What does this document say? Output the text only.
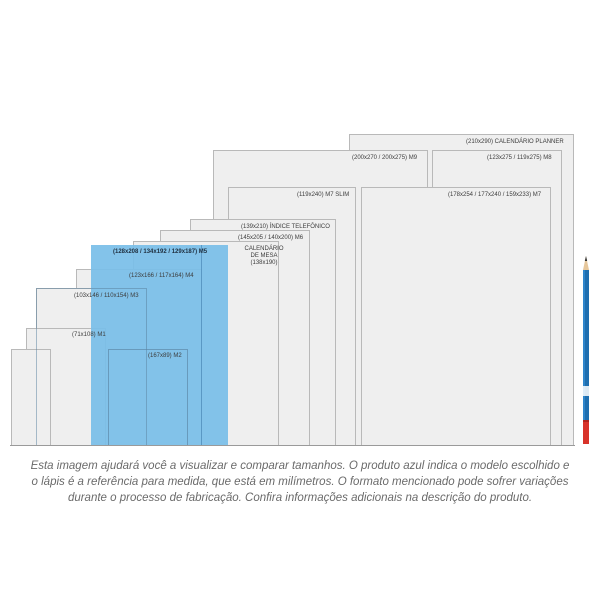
(210x290) CALENDÁRIO PLANNER
(200x270 / 200x275) M9	(123x275 / 119x275) M8
(119x240) M7 SLIM	(178x254 / 177x240 / 159x233) M7
(139x210) ÍNDICE TELEFÔNICO
(145x205 / 140x200) M6
CALENDÁRIO
DE MESA
(138x190)
(128x208 / 134x192 / 129x187) M5
(123x166 / 117x164) M4
(103x146 / 110x154) M3
(71x108) M1
(167x89) M2

Esta imagem ajudará você a visualizar e comparar tamanhos. O produto azul indica o modelo escolhido e
o lápis é a referência para medida, que está em milímetros. O formato mencionado pode sofrer variações
durante o processo de fabricação. Confira informações adicionais na descrição do produto.
